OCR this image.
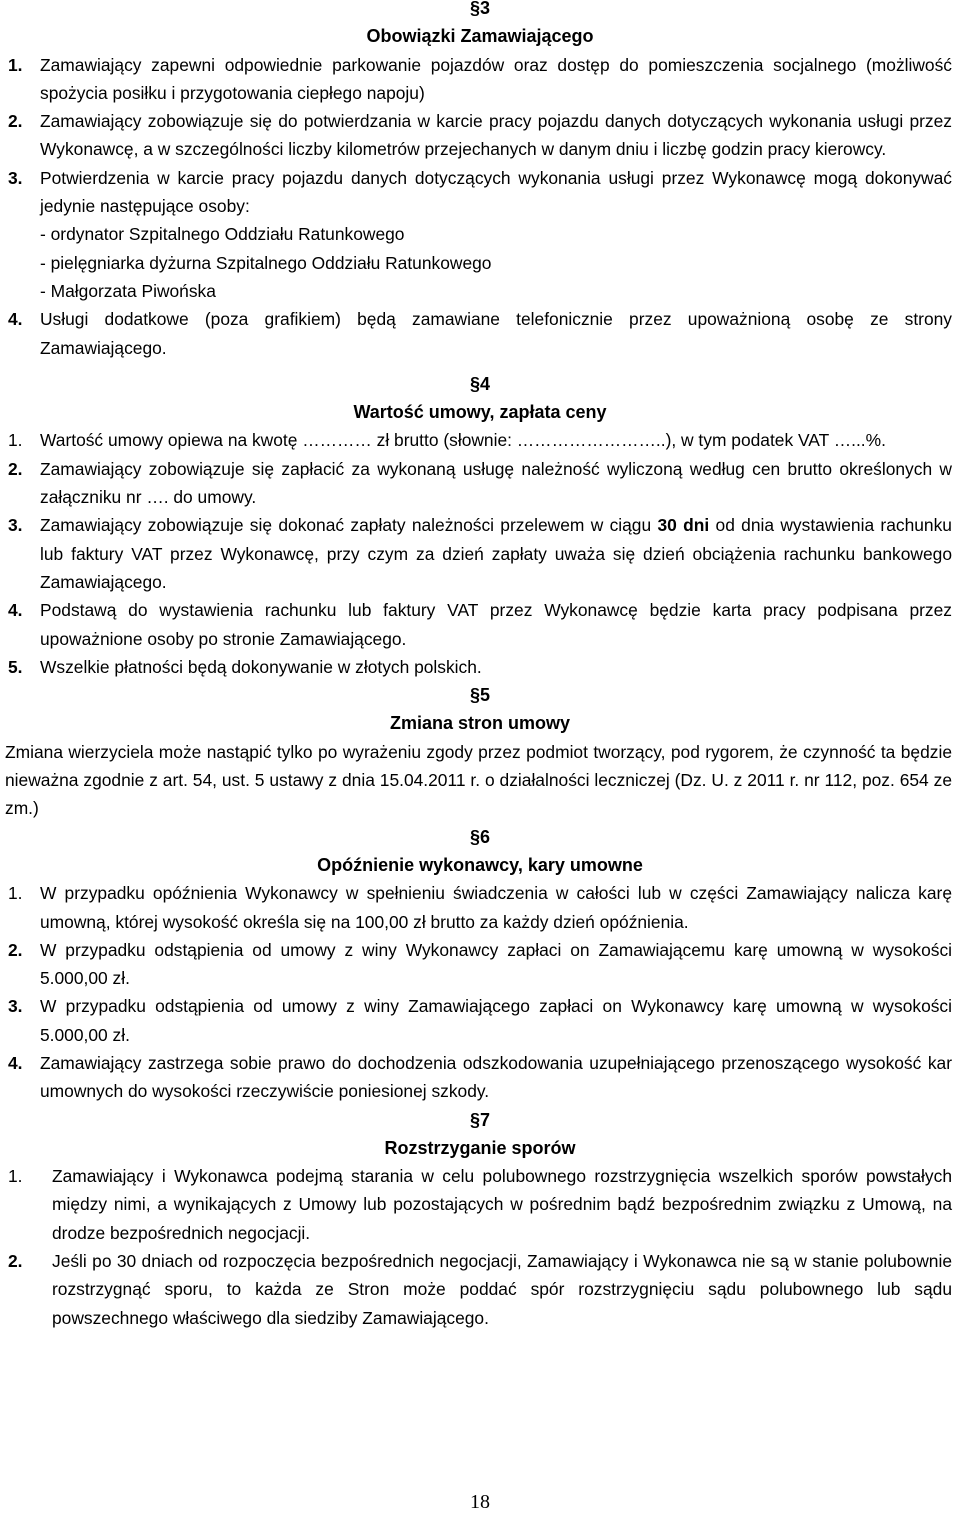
§3

Obowiązki Zamawiającego

1. Zamawiający zapewni odpowiednie parkowanie pojazdów oraz dostęp do pomieszczenia socjalnego (możliwość spożycia posiłku i przygotowania ciepłego napoju)
2. Zamawiający zobowiązuje się do potwierdzania w karcie pracy pojazdu danych dotyczących wykonania usługi przez Wykonawcę, a w szczególności liczby kilometrów przejechanych w danym dniu i liczbę godzin pracy kierowcy.
3. Potwierdzenia w karcie pracy pojazdu danych dotyczących wykonania usługi przez Wykonawcę mogą dokonywać jedynie następujące osoby:
- ordynator Szpitalnego Oddziału Ratunkowego
- pielęgniarka dyżurna Szpitalnego Oddziału Ratunkowego
- Małgorzata Piwońska
4. Usługi dodatkowe (poza grafikiem) będą zamawiane telefonicznie przez upoważnioną osobę ze strony Zamawiającego.

§4

Wartość umowy, zapłata ceny

1. Wartość umowy opiewa na kwotę ………… zł brutto (słownie: ……………………..), w tym podatek VAT …...%.
2. Zamawiający zobowiązuje się zapłacić za wykonaną usługę należność wyliczoną według cen brutto określonych w załączniku nr …. do umowy.
3. Zamawiający zobowiązuje się dokonać zapłaty należności przelewem w ciągu 30 dni od dnia wystawienia rachunku lub faktury VAT przez Wykonawcę, przy czym za dzień zapłaty uważa się dzień obciążenia rachunku bankowego Zamawiającego.
4. Podstawą do wystawienia rachunku lub faktury VAT przez Wykonawcę będzie karta pracy podpisana przez upoważnione osoby po stronie Zamawiającego.
5. Wszelkie płatności będą dokonywanie w złotych polskich.

§5

Zmiana stron umowy

Zmiana wierzyciela może nastąpić tylko po wyrażeniu zgody przez podmiot tworzący, pod rygorem, że czynność ta będzie nieważna zgodnie z art. 54, ust. 5 ustawy z dnia 15.04.2011 r. o działalności leczniczej (Dz. U. z 2011 r. nr 112, poz. 654 ze zm.)

§6

Opóźnienie wykonawcy, kary umowne

1. W przypadku opóźnienia Wykonawcy w spełnieniu świadczenia w całości lub w części Zamawiający nalicza karę umowną, której wysokość określa się na 100,00 zł brutto za każdy dzień opóźnienia.
2. W przypadku odstąpienia od umowy z winy Wykonawcy zapłaci on Zamawiającemu karę umowną w wysokości 5.000,00 zł.
3. W przypadku odstąpienia od umowy z winy Zamawiającego zapłaci on Wykonawcy karę umowną w wysokości 5.000,00 zł.
4. Zamawiający zastrzega sobie prawo do dochodzenia odszkodowania uzupełniającego przenoszącego wysokość kar umownych do wysokości rzeczywiście poniesionej szkody.

§7

Rozstrzyganie sporów

1. Zamawiający i Wykonawca podejmą starania w celu polubownego rozstrzygnięcia wszelkich sporów powstałych między nimi, a wynikających z Umowy lub pozostających w pośrednim bądź bezpośrednim związku z Umową, na drodze bezpośrednich negocjacji.
2. Jeśli po 30 dniach od rozpoczęcia bezpośrednich negocjacji, Zamawiający i Wykonawca nie są w stanie polubownie rozstrzygnąć sporu, to każda ze Stron może poddać spór rozstrzygnięciu sądu polubownego lub sądu powszechnego właściwego dla siedziby Zamawiającego.
18
